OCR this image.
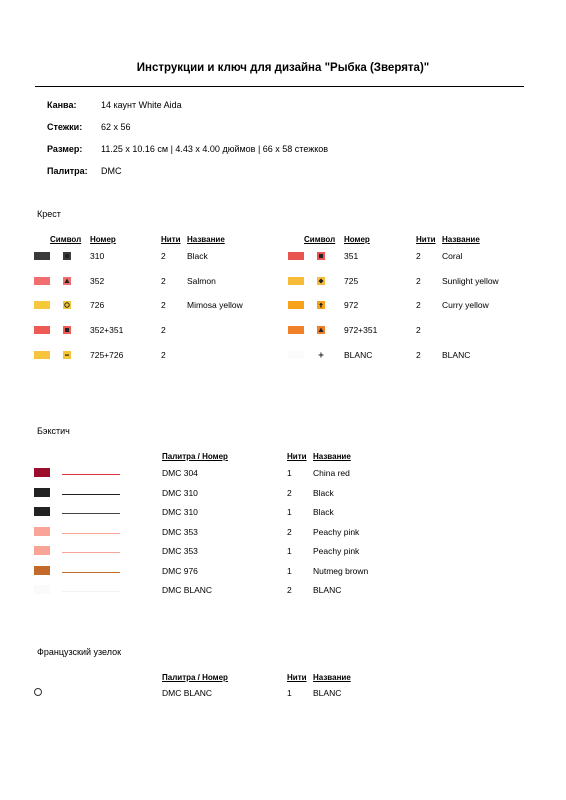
Инструкции и ключ для дизайна "Рыбка (Зверята)"
Канва:	14 каунт White Aida
Стежки: 62 x 56
Размер: 11.25 x 10.16 см | 4.43 x 4.00 дюймов | 66 x 58 стежков
Палитра: DMC
Крест
Символ Номер	Нити Название	Символ Номер	Нити Название
310	2	Black
352	2	Salmon
726	2	Mimosa yellow
352+351	2
725+726	2
351	2	Coral
725	2	Sunlight yellow
972	2	Curry yellow
972+351	2
BLANC	2	BLANC
Бэкстич
Палитра / Номер	Нити Название
DMC 304	1	China red
DMC 310	2	Black
DMC 310	1	Black
DMC 353	2	Peachy pink
DMC 353	1	Peachy pink
DMC 976	1	Nutmeg brown
DMC BLANC	2	BLANC
Французский узелок
Палитра / Номер	Нити Название
DMC BLANC	1	BLANC
